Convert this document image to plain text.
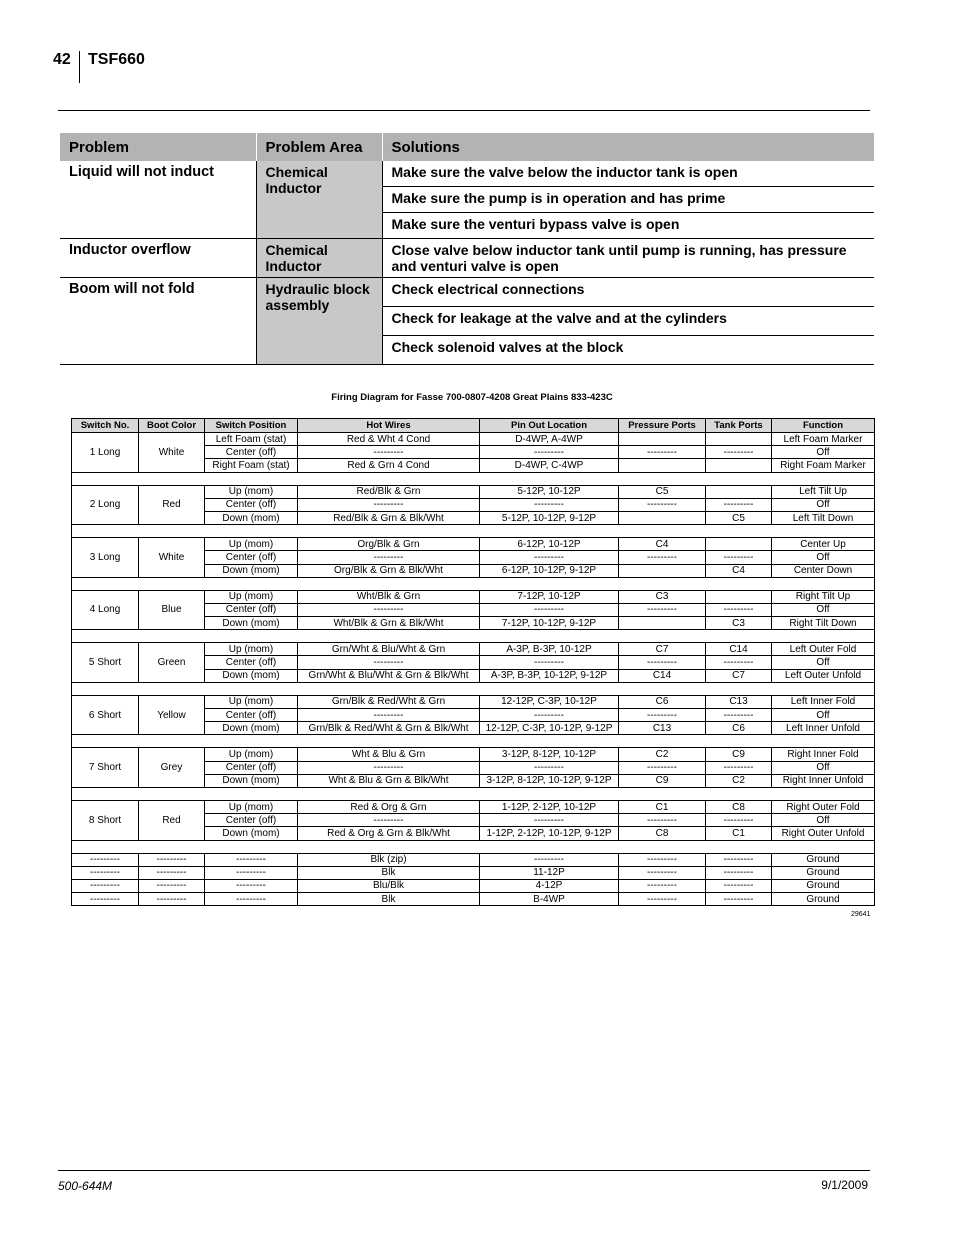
42 TSF660
Problem	Problem Area	Solutions
Liquid will not induct	Chemical Inductor	Make sure the valve below the inductor tank is open
		Make sure the pump is in operation and has prime
		Make sure the venturi bypass valve is open
Inductor overflow	Chemical Inductor	Close valve below inductor tank until pump is running, has pressure and venturi valve is open
Boom will not fold	Hydraulic block assembly	Check electrical connections
		Check for leakage at the valve and at the cylinders
		Check solenoid valves at the block
Firing Diagram for Fasse 700-0807-4208 Great Plains 833-423C
Switch No.	Boot Color	Switch Position	Hot Wires	Pin Out Location	Pressure Ports	Tank Ports	Function
1 Long	White	Left Foam (stat)	Red & Wht 4 Cond	D-4WP, A-4WP			Left Foam Marker
		Center (off)	---------	---------	---------	---------	Off
		Right Foam (stat)	Red & Grn 4 Cond	D-4WP, C-4WP			Right Foam Marker

2 Long	Red	Up (mom)	Red/Blk & Grn	5-12P, 10-12P	C5		Left Tilt Up
		Center (off)	---------	---------	---------	---------	Off
		Down (mom)	Red/Blk & Grn & Blk/Wht	5-12P, 10-12P, 9-12P		C5	Left Tilt Down

3 Long	White	Up (mom)	Org/Blk & Grn	6-12P, 10-12P	C4		Center Up
		Center (off)	---------	---------	---------	---------	Off
		Down (mom)	Org/Blk & Grn & Blk/Wht	6-12P, 10-12P, 9-12P		C4	Center Down

4 Long	Blue	Up (mom)	Wht/Blk & Grn	7-12P, 10-12P	C3		Right Tilt Up
		Center (off)	---------	---------	---------	---------	Off
		Down (mom)	Wht/Blk & Grn & Blk/Wht	7-12P, 10-12P, 9-12P		C3	Right Tilt Down

5 Short	Green	Up (mom)	Grn/Wht & Blu/Wht & Grn	A-3P, B-3P, 10-12P	C7	C14	Left Outer Fold
		Center (off)	---------	---------	---------	---------	Off
		Down (mom)	Grn/Wht & Blu/Wht & Grn & Blk/Wht	A-3P, B-3P, 10-12P, 9-12P	C14	C7	Left Outer Unfold

6 Short	Yellow	Up (mom)	Grn/Blk & Red/Wht & Grn	12-12P, C-3P, 10-12P	C6	C13	Left Inner Fold
		Center (off)	---------	---------	---------	---------	Off
		Down (mom)	Grn/Blk & Red/Wht & Grn & Blk/Wht	12-12P, C-3P, 10-12P, 9-12P	C13	C6	Left Inner Unfold

7 Short	Grey	Up (mom)	Wht & Blu & Grn	3-12P, 8-12P, 10-12P	C2	C9	Right Inner Fold
		Center (off)	---------	---------	---------	---------	Off
		Down (mom)	Wht & Blu & Grn & Blk/Wht	3-12P, 8-12P, 10-12P, 9-12P	C9	C2	Right Inner Unfold

8 Short	Red	Up (mom)	Red & Org & Grn	1-12P, 2-12P, 10-12P	C1	C8	Right Outer Fold
		Center (off)	---------	---------	---------	---------	Off
		Down (mom)	Red & Org & Grn & Blk/Wht	1-12P, 2-12P, 10-12P, 9-12P	C8	C1	Right Outer Unfold

---------	---------	---------	Blk (zip)	---------	---------	---------	Ground
---------	---------	---------	Blk	11-12P	---------	---------	Ground
---------	---------	---------	Blu/Blk	4-12P	---------	---------	Ground
---------	---------	---------	Blk	B-4WP	---------	---------	Ground
29641
500-644M	9/1/2009
